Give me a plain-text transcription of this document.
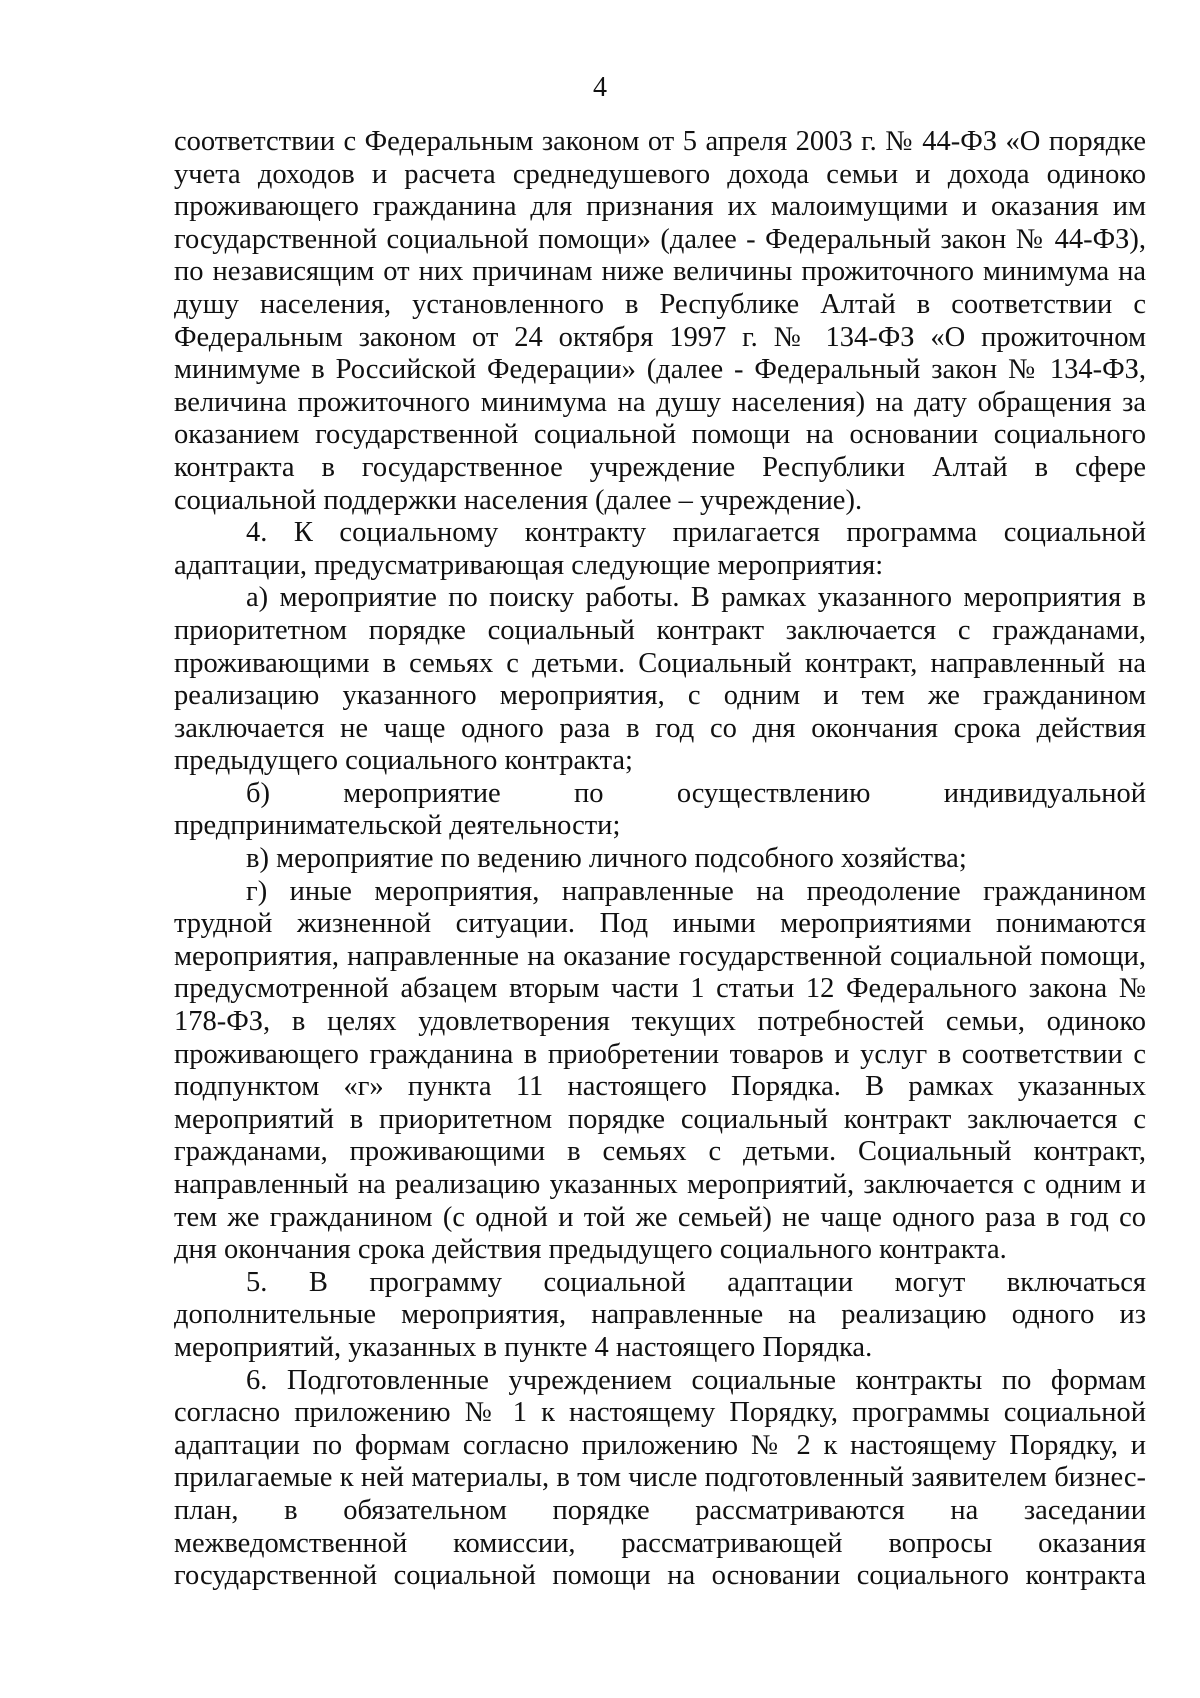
4

соответствии с Федеральным законом от 5 апреля 2003 г. № 44-ФЗ «О порядке учета доходов и расчета среднедушевого дохода семьи и дохода одиноко проживающего гражданина для признания их малоимущими и оказания им государственной социальной помощи» (далее - Федеральный закон № 44-ФЗ), по независящим от них причинам ниже величины прожиточного минимума на душу населения, установленного в Республике Алтай в соответствии с Федеральным законом от 24 октября 1997 г. № 134-ФЗ «О прожиточном минимуме в Российской Федерации» (далее - Федеральный закон № 134-ФЗ, величина прожиточного минимума на душу населения) на дату обращения за оказанием государственной социальной помощи на основании социального контракта в государственное учреждение Республики Алтай в сфере социальной поддержки населения (далее – учреждение).

4. К социальному контракту прилагается программа социальной адаптации, предусматривающая следующие мероприятия:

а) мероприятие по поиску работы. В рамках указанного мероприятия в приоритетном порядке социальный контракт заключается с гражданами, проживающими в семьях с детьми. Социальный контракт, направленный на реализацию указанного мероприятия, с одним и тем же гражданином заключается не чаще одного раза в год со дня окончания срока действия предыдущего социального контракта;

б) мероприятие по осуществлению индивидуальной предпринимательской деятельности;

в) мероприятие по ведению личного подсобного хозяйства;

г) иные мероприятия, направленные на преодоление гражданином трудной жизненной ситуации. Под иными мероприятиями понимаются мероприятия, направленные на оказание государственной социальной помощи, предусмотренной абзацем вторым части 1 статьи 12 Федерального закона № 178-ФЗ, в целях удовлетворения текущих потребностей семьи, одиноко проживающего гражданина в приобретении товаров и услуг в соответствии с подпунктом «г» пункта 11 настоящего Порядка. В рамках указанных мероприятий в приоритетном порядке социальный контракт заключается с гражданами, проживающими в семьях с детьми. Социальный контракт, направленный на реализацию указанных мероприятий, заключается с одним и тем же гражданином (с одной и той же семьей) не чаще одного раза в год со дня окончания срока действия предыдущего социального контракта.

5. В программу социальной адаптации могут включаться дополнительные мероприятия, направленные на реализацию одного из мероприятий, указанных в пункте 4 настоящего Порядка.

6. Подготовленные учреждением социальные контракты по формам согласно приложению № 1 к настоящему Порядку, программы социальной адаптации по формам согласно приложению № 2 к настоящему Порядку, и прилагаемые к ней материалы, в том числе подготовленный заявителем бизнес-план, в обязательном порядке рассматриваются на заседании межведомственной комиссии, рассматривающей вопросы оказания государственной социальной помощи на основании социального контракта
